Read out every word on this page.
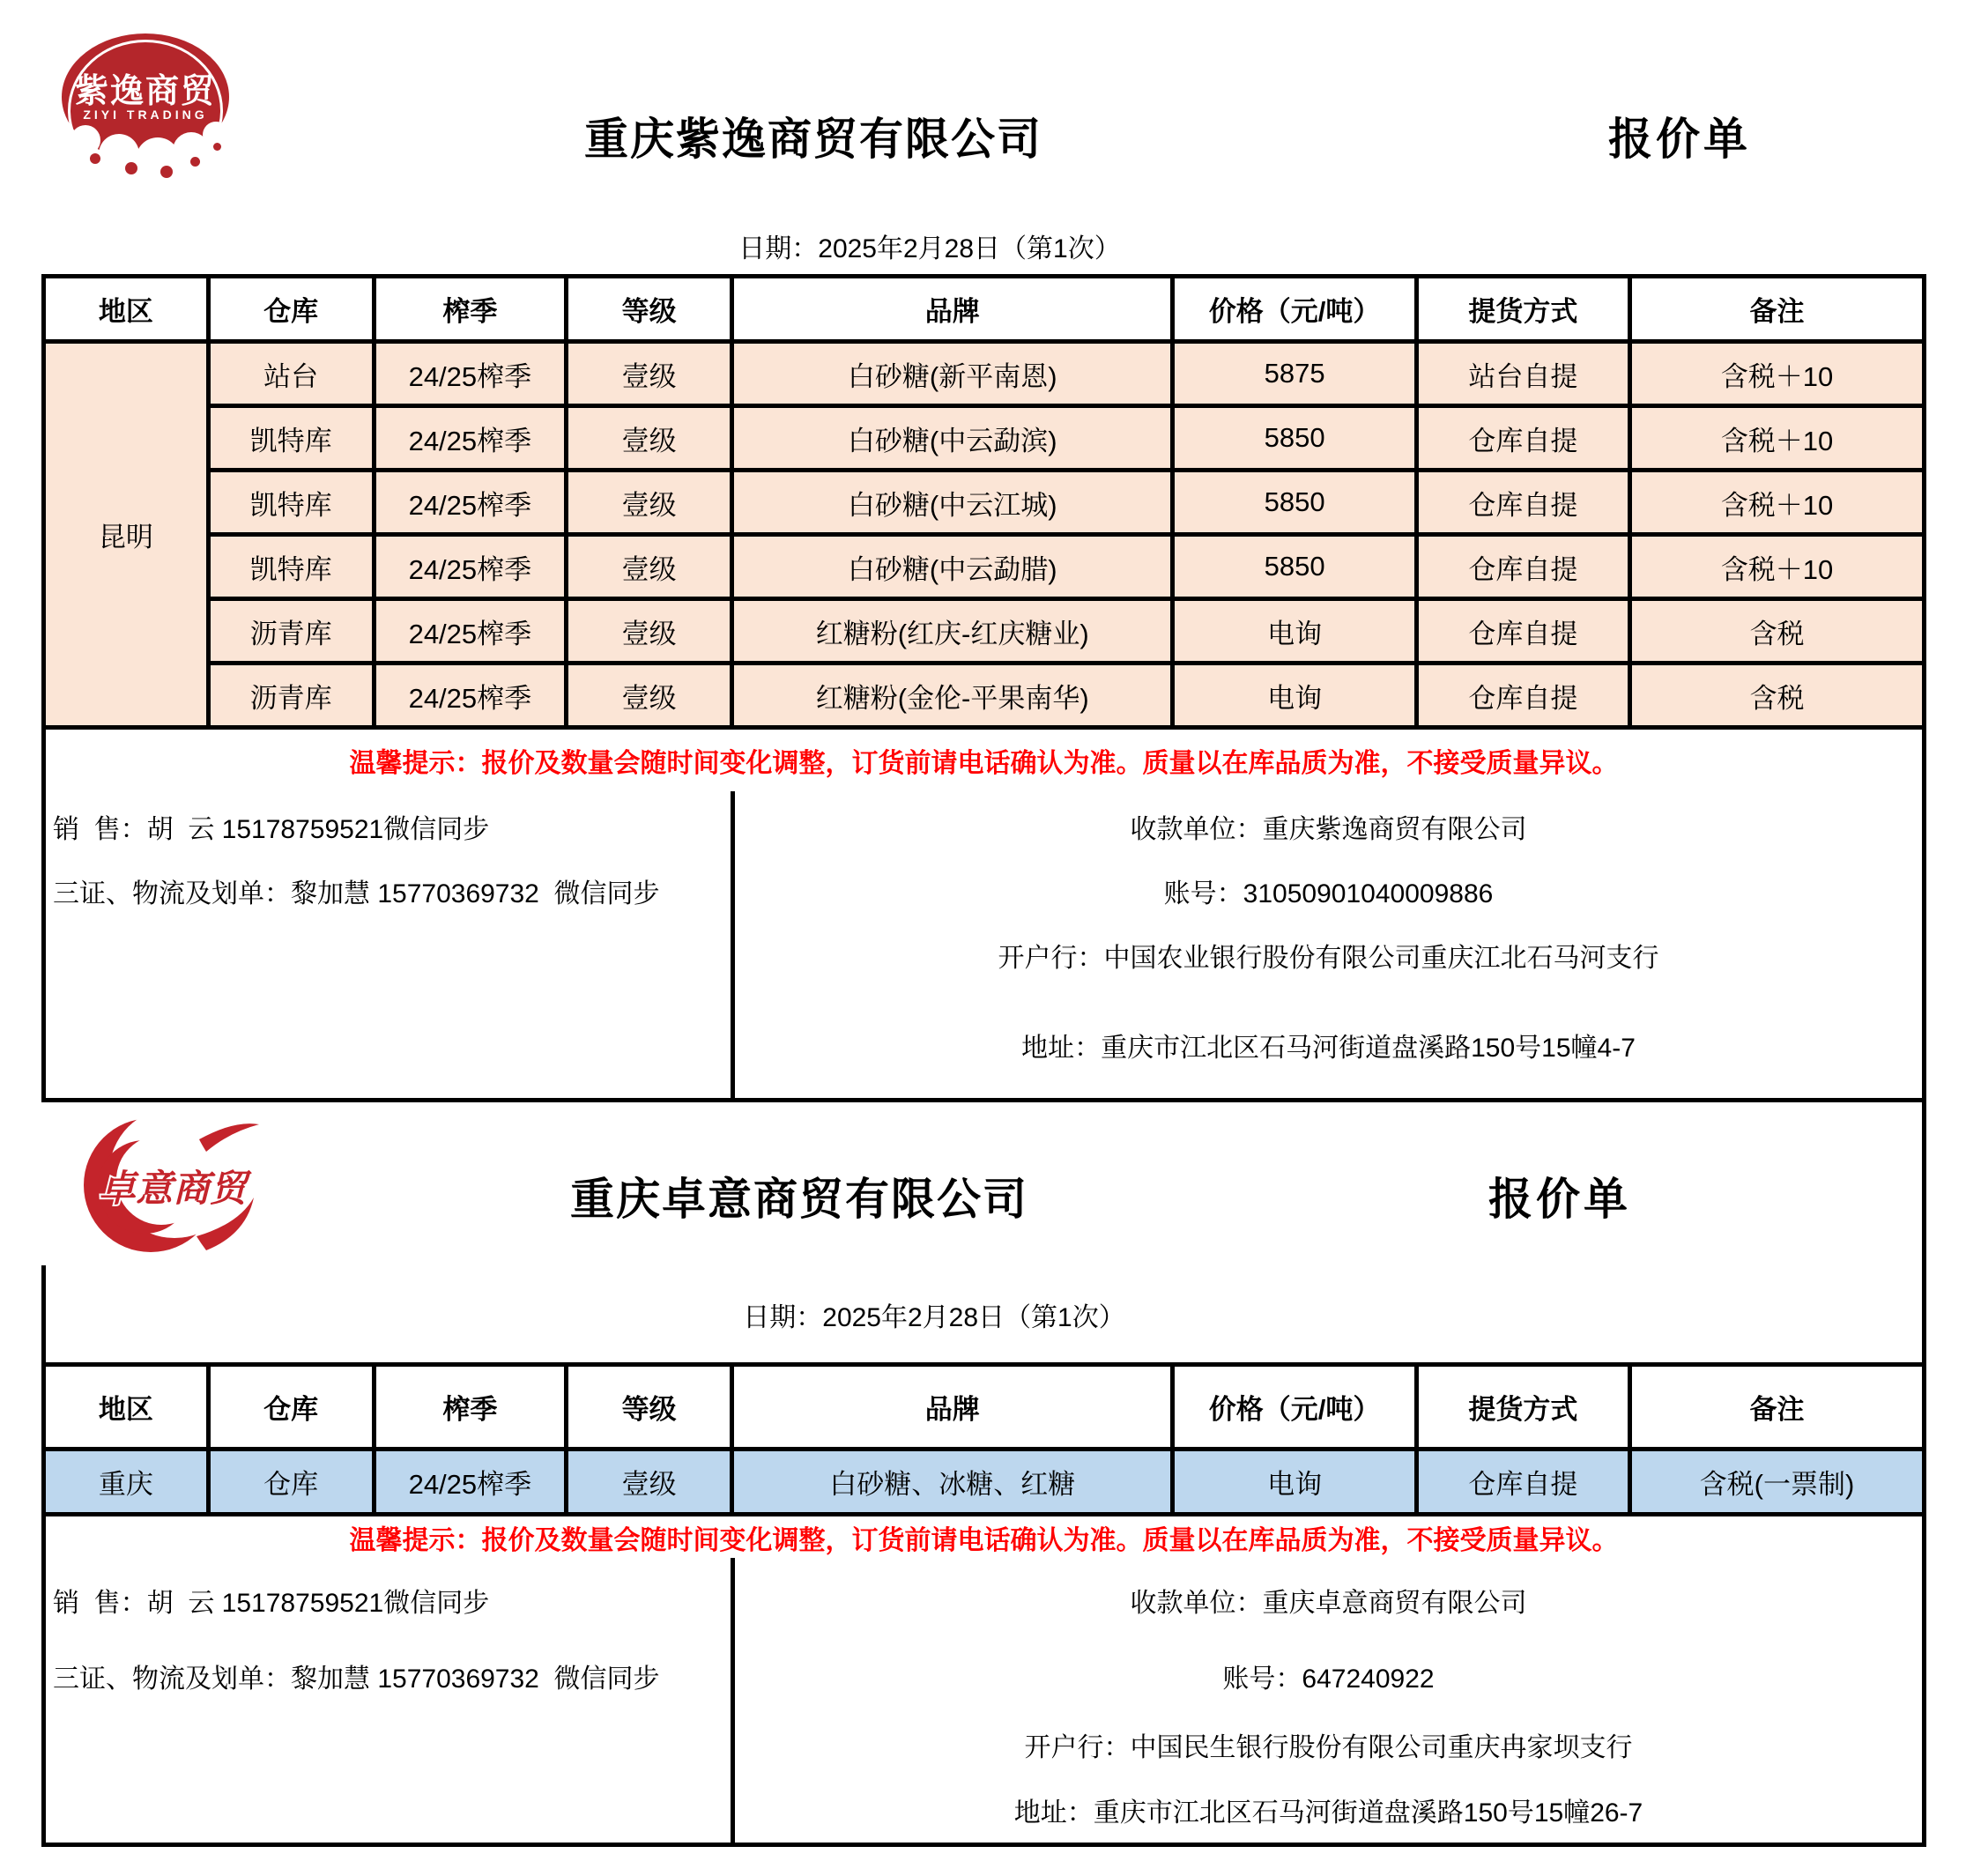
紫逸商贸
ZIYI TRADING	重庆紫逸商贸有限公司	报价单
日期：2025年2月28日（第1次）
地区	仓库	榨季	等级	品牌	价格（元/吨）	提货方式	备注
昆明	站台	24/25榨季	壹级	白砂糖(新平南恩)	5875	站台自提	含税＋10
	凯特库	24/25榨季	壹级	白砂糖(中云勐滨)	5850	仓库自提	含税＋10
	凯特库	24/25榨季	壹级	白砂糖(中云江城)	5850	仓库自提	含税＋10
	凯特库	24/25榨季	壹级	白砂糖(中云勐腊)	5850	仓库自提	含税＋10
	沥青库	24/25榨季	壹级	红糖粉(红庆-红庆糖业)	电询	仓库自提	含税
	沥青库	24/25榨季	壹级	红糖粉(金伦-平果南华)	电询	仓库自提	含税
温馨提示：报价及数量会随时间变化调整，订货前请电话确认为准。质量以在库品质为准，不接受质量异议。
销  售：胡  云 15178759521微信同步
三证、物流及划单：黎加慧 15770369732  微信同步
收款单位：重庆紫逸商贸有限公司
账号：31050901040009886
开户行：中国农业银行股份有限公司重庆江北石马河支行
地址：重庆市江北区石马河街道盘溪路150号15幢4-7
卓意商贸	重庆卓意商贸有限公司	报价单
日期：2025年2月28日（第1次）
地区	仓库	榨季	等级	品牌	价格（元/吨）	提货方式	备注
重庆	仓库	24/25榨季	壹级	白砂糖、冰糖、红糖	电询	仓库自提	含税(一票制)
温馨提示：报价及数量会随时间变化调整，订货前请电话确认为准。质量以在库品质为准，不接受质量异议。
销  售：胡  云 15178759521微信同步
三证、物流及划单：黎加慧 15770369732  微信同步
收款单位：重庆卓意商贸有限公司
账号：647240922
开户行：中国民生银行股份有限公司重庆冉家坝支行
地址：重庆市江北区石马河街道盘溪路150号15幢26-7
